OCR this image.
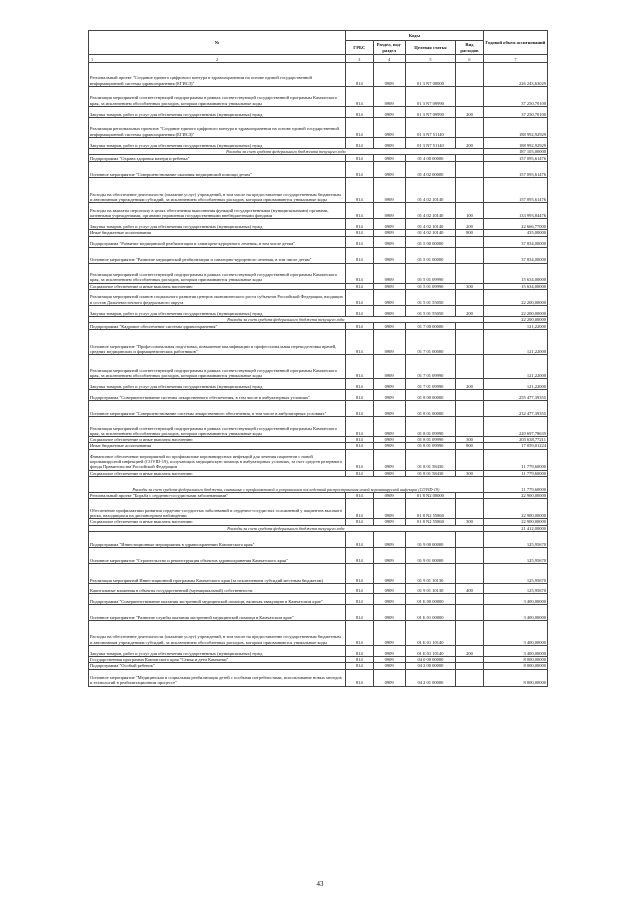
№	Коды				Годовой объем ассигнований
	ГРБС	Раздел, под-раздел	Целевая статья	Вид расходов	

1 2	3	4	5	6	7
Региональный проект "Создание единого цифрового контура в здравоохранении на основе единой государственной информационной системы здравоохранения (ЕГИСЗ)"	814	0909	01 3 N7 00000		226 243,63029
Реализация мероприятий соответствующей подпрограммы в рамках соответствующей государственной программы Камчатского края, за исключением обособленных расходов, которым присваиваются уникальные коды	814	0909	01 3 N7 09990		37 250,70100
Закупка товаров, работ и услуг для обеспечения государственных (муниципальных) нужд	814	0909	01 3 N7 09990	200	37 250,70100
Реализация региональных проектов "Создание единого цифрового контура в здравоохранении на основе единой государственной информационной системы здравоохранения (ЕГИСЗ)"	814	0909	01 3 N7 51140		188 992,92929
Закупка товаров, работ и услуг для обеспечения государственных (муниципальных) нужд	814	0909	01 3 N7 51140	200	188 992,92929
Расходы за счет средств федерального бюджента текущего года					187 103,00000
Подпрограмма "Охрана здоровья матери и ребенка"	814	0909	01 4 00 00000		157 095,61476
Основное мероприятие "Совершенствование оказания медицинской помощи детям"	814	0909	01 4 02 00000		157 095,61476
Расходы на обеспечение деятельности (оказание услуг) учреждений, в том числе на предоставление государственным бюджетным и автономным учреждениям субсидий, за исключением обособленных расходов, которым присваиваются уникальные коды	814	0909	01 4 02 10140		157 095,61476
Расходы на выплаты персоналу в целях обеспечения выполнения функций государственными (муниципальными) органами, казенными учреждениями, органами управления государственными внебюджетными фондами	814	0909	01 4 02 10140	100	133 993,84476
Закупка товаров, работ и услуг для обеспечения государственных (муниципальных) нужд	814	0909	01 4 02 10140	200	22 666,77000
Иные бюджетные ассигнования	814	0909	01 4 02 10140	800	435,00000
Подпрограмма "Развитие медицинской реабилитации и санаторно-курортного лечения, в том числе детям"	814	0909	01 5 00 00000		37 834,00000
Основное мероприятие "Развитие медицинской реабилитации и санаторно-курортного лечения, в том числе детям"	814	0909	01 5 01 00000		37 834,00000
Реализация мероприятий соответствующей подпрограммы в рамках соответствующей государственной программы Камчатского края, за исключением обособленных расходов, которым присваиваются уникальные коды	814	0909	01 5 01 09990		15 634,00000
Социальное обеспечение и иные выплаты населению	814	0909	01 5 01 09990	300	15 634,00000
Реализация мероприятий планов социального развития центров экономического роста субъектов Российской Федерации, входящих в состав Дальневосточного федерального округа	814	0909	01 5 01 55050		22 200,00000
Закупка товаров, работ и услуг для обеспечения государственных (муниципальных) нужд	814	0909	01 5 01 55050	200	22 200,00000
Расходы за счет средств федерального бюджета текущего года					22 200,00000
Подпрограмма "Кадровое обеспечение системы здравоохранения"	814	0909	01 7 00 00000		121,22000
Основное мероприятие "Профессиональная подготовка, повышение квалификации и профессиональная переподготовка врачей, средних медицинских и фармацевтических работников"	814	0909	01 7 01 00000		121,22000
Реализация мероприятий соответствующей подпрограммы в рамках соответствующей государственной программы Камчатского края, за исключением обособленных расходов, которым присваиваются уникальные коды	814	0909	01 7 01 09990		121,22000
Закупка товаров, работ и услуг для обеспечения государственных (муниципальных) нужд	814	0909	01 7 01 09990	200	121,22000
Подпрограмма "Совершенствование системы лекарственного обеспечения, в том числе в амбулаторных условиях"	814	0909	01 8 00 00000		255 477,39355
Основное мероприятие "Совершенствование системы лекарственного обеспечения, в том числе в амбулаторных условиях"	814	0909	01 8 01 00000		232 477,39355
Реализация мероприятий соответствующей подпрограммы в рамках соответствующей государственной программы Камчатского края, за исключением обособленных расходов, которым присваиваются уникальные коды	814	0909	01 8 01 09990		220 697,78635
Социальное обеспечение и иные выплаты населению	814	0909	01 8 01 09990	300	203 638,77211
Иные бюджетные ассигнования	814	0909	01 8 01 09990	800	17 059,01224
Финансовое обеспечение мероприятий по профилактике коронавирусных инфекций для лечения пациентов с новой коронавирусной инфекцией (COVID-19), получающих медицинскую помощь в амбулаторных условиях, за счет средств резервного фонда Правительства Российской Федерации	814	0909	01 8 01 58430		11 779,60000
Социальное обеспечение и иные выплаты населению	814	0909	01 8 01 58430	300	11 779,60000
Расходы за счет средств федерального бюджета, связанные с профилактикой и устранением последствий распространения новой коронавирусной инфекции (COVID-19)					11 779,60000
Региональный проект "Борьба с сердечно-сосудистыми заболеваниями"	814	0909	01 8 N2 00000		22 900,00000
Обеспечение профилактики развития сердечно-сосудистых заболеваний и сердечно-сосудистых осложнений у пациентов высокого риска, находящихся на диспансерном наблюдении	814	0909	01 8 N2 55860		22 900,00000
Социальное обеспечение и иные выплаты населению	814	0909	01 8 N2 55860	300	22 900,00000
Расходы за счет средств федерального бюджета текущего года					21 412,00000
Подпрограмма "Инвестиционные мероприятия в здравоохранении Камчатского края"	814	0909	01 9 00 00000		125,95670
Основное мероприятие "Строительство и реконструкция объектов здравоохранения Камчатского края"	814	0909	01 9 01 00000		125,95670
Реализация мероприятий Инвестиционной программы Камчатского края (за исключением субсидий местным бюджетам)	814	0909	01 9 01 10130		125,95670
Капитальные вложения в объекты государственной (муниципальной) собственности	814	0909	01 9 01 10130	400	125,95670
Подпрограмма "Совершенствование оказания экстренной медицинской помощи, включая эвакуацию в Камчатском крае"	814	0909	01 Б 00 00000		3 400,00000
Основное мероприятие "Развитие службы оказания экстренной медицинской помощи в Камчатском крае"	814	0909	01 Б 01 00000		3 400,00000
Расходы на обеспечение деятельности (оказание услуг) учреждений, в том числе на предоставление государственным бюджетным и автономным учреждениям субсидий, за исключением обособленных расходов, которым присваиваются уникальные коды	814	0909	01 Б 01 10140		3 400,00000
Закупка товаров, работ и услуг для обеспечения государственных (муниципальных) нужд	814	0909	01 Б 01 10140	200	3 400,00000
Государственная программа Камчатского края "Семья и дети Камчатки"	814	0909	04 0 00 00000		8 000,00000
Подпрограмма "Особый ребенок"	814	0909	04 2 00 00000		8 000,00000
Основное мероприятие "Медицинская и социальная реабилитация детей с особыми потребностями, использование новых методов и технологий в реабилитационном процессе"	814	0909	04 2 01 00000		8 000,00000
43
